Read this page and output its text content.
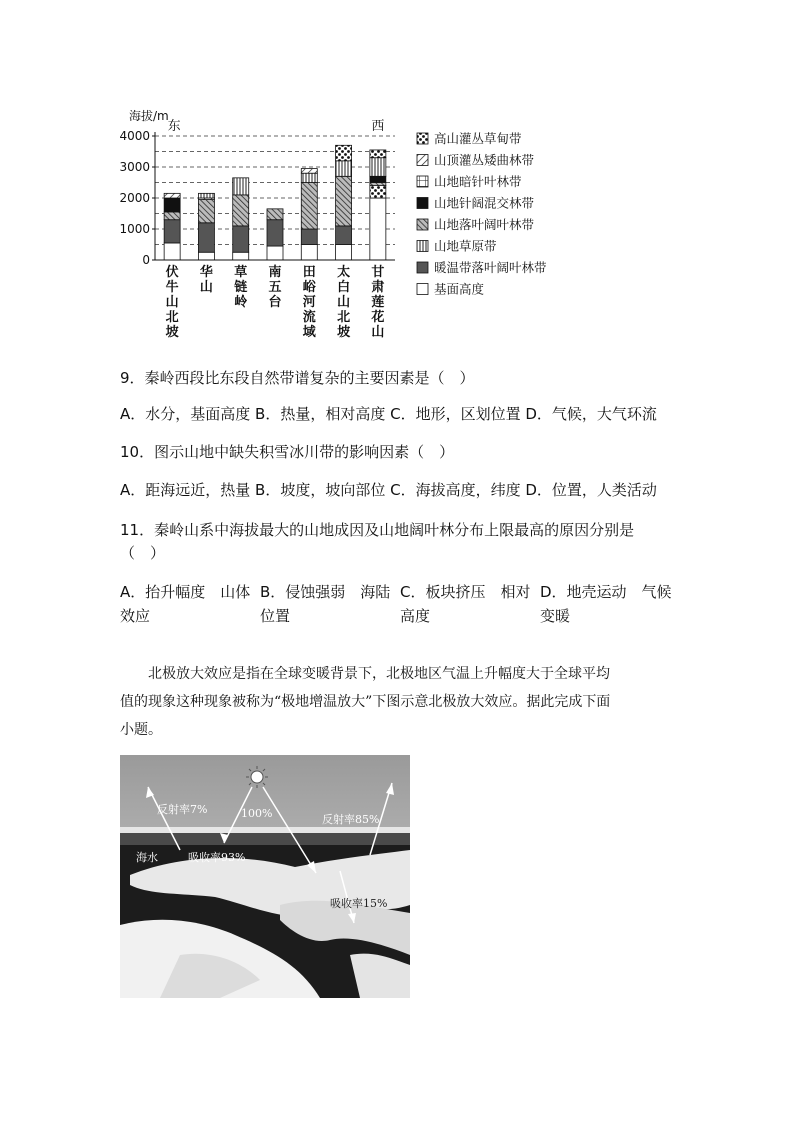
伏
牛
山
北
坡
华
山
草
链
岭
南
五
台
田
峪
河
流
域
太
白
山
北
坡
甘
肃
莲
花
山
0
1000
2000
3000
4000
海拔/m
东	西
高山灌丛草甸带
山顶灌丛矮曲林带
山地暗针叶林带
山地针阔混交林带
山地落叶阔叶林带
山地草原带
暖温带落叶阔叶林带
基面高度
9．秦岭西段比东段自然带谱复杂的主要因素是（　）
A．水分，基面高度 B．热量，相对高度 C．地形，区划位置 D．气候，大气环流
10．图示山地中缺失积雪冰川带的影响因素（　）
A．距海远近，热量 B．坡度，坡向部位 C．海拔高度，纬度 D．位置，人类活动
11．秦岭山系中海拔最大的山地成因及山地阔叶林分布上限最高的原因分别是
（　）
A．抬升幅度　山体
效应
B．侵蚀强弱　海陆
位置
C．板块挤压　相对
高度
D．地壳运动　气候
变暖

北极放大效应是指在全球变暖背景下，北极地区气温上升幅度大于全球平均

值的现象这种现象被称为“极地增温放大”下图示意北极放大效应。据此完成下面

小题。

反射率7%	100%	反射率85%
海水	吸收率93%
吸收率15%
